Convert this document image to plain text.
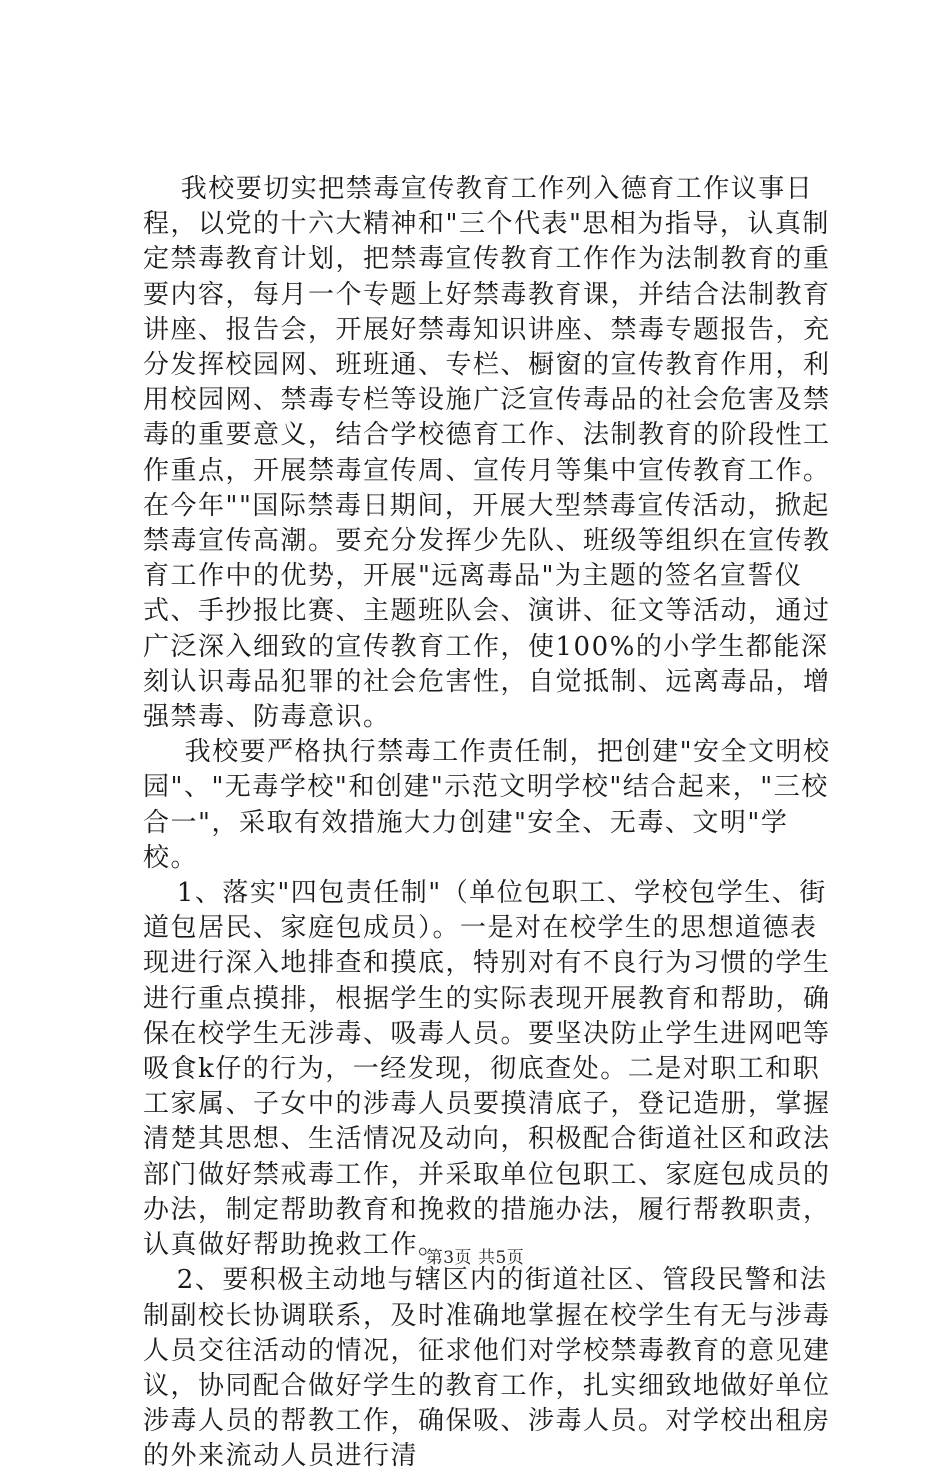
我校要切实把禁毒宣传教育工作列入德育工作议事日程，以党的十六大精神和"三个代表"思相为指导，认真制定禁毒教育计划，把禁毒宣传教育工作作为法制教育的重要内容，每月一个专题上好禁毒教育课，并结合法制教育讲座、报告会，开展好禁毒知识讲座、禁毒专题报告，充分发挥校园网、班班通、专栏、橱窗的宣传教育作用，利用校园网、禁毒专栏等设施广泛宣传毒品的社会危害及禁毒的重要意义，结合学校德育工作、法制教育的阶段性工作重点，开展禁毒宣传周、宣传月等集中宣传教育工作。在今年""国际禁毒日期间，开展大型禁毒宣传活动，掀起禁毒宣传高潮。要充分发挥少先队、班级等组织在宣传教育工作中的优势，开展"远离毒品"为主题的签名宣誓仪式、手抄报比赛、主题班队会、演讲、征文等活动，通过广泛深入细致的宣传教育工作，使100%的小学生都能深刻认识毒品犯罪的社会危害性，自觉抵制、远离毒品，增强禁毒、防毒意识。

我校要严格执行禁毒工作责任制，把创建"安全文明校园"、"无毒学校"和创建"示范文明学校"结合起来，"三校合一"，采取有效措施大力创建"安全、无毒、文明"学校。

1、落实"四包责任制"（单位包职工、学校包学生、街道包居民、家庭包成员）。一是对在校学生的思想道德表现进行深入地排查和摸底，特别对有不良行为习惯的学生进行重点摸排，根据学生的实际表现开展教育和帮助，确保在校学生无涉毒、吸毒人员。要坚决防止学生进网吧等吸食k仔的行为，一经发现，彻底查处。二是对职工和职工家属、子女中的涉毒人员要摸清底子，登记造册，掌握清楚其思想、生活情况及动向，积极配合街道社区和政法部门做好禁戒毒工作，并采取单位包职工、家庭包成员的办法，制定帮助教育和挽救的措施办法，履行帮教职责，认真做好帮助挽救工作。

2、要积极主动地与辖区内的街道社区、管段民警和法制副校长协调联系，及时准确地掌握在校学生有无与涉毒人员交往活动的情况，征求他们对学校禁毒教育的意见建议，协同配合做好学生的教育工作，扎实细致地做好单位涉毒人员的帮教工作，确保吸、涉毒人员。对学校出租房的外来流动人员进行清

第3页 共5页
